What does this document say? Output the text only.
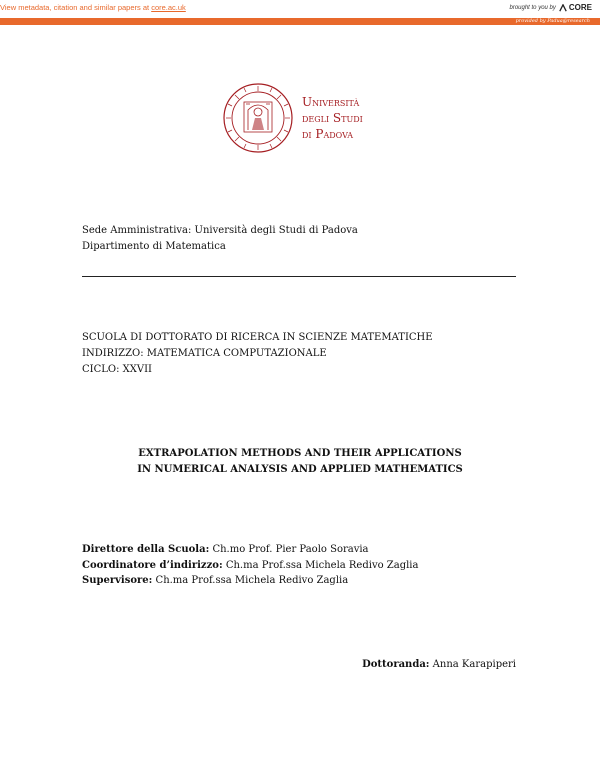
View metadata, citation and similar papers at core.ac.uk	brought to you by CORE
provided by Padua@research
Università
degli Studi
di Padova
Sede Amministrativa: Università degli Studi di Padova
Dipartimento di Matematica
SCUOLA DI DOTTORATO DI RICERCA IN SCIENZE MATEMATICHE
INDIRIZZO: MATEMATICA COMPUTAZIONALE
CICLO: XXVII
EXTRAPOLATION METHODS AND THEIR APPLICATIONS
IN NUMERICAL ANALYSIS AND APPLIED MATHEMATICS
Direttore della Scuola: Ch.mo Prof. Pier Paolo Soravia
Coordinatore d’indirizzo: Ch.ma Prof.ssa Michela Redivo Zaglia
Supervisore: Ch.ma Prof.ssa Michela Redivo Zaglia
Dottoranda: Anna Karapiperi
